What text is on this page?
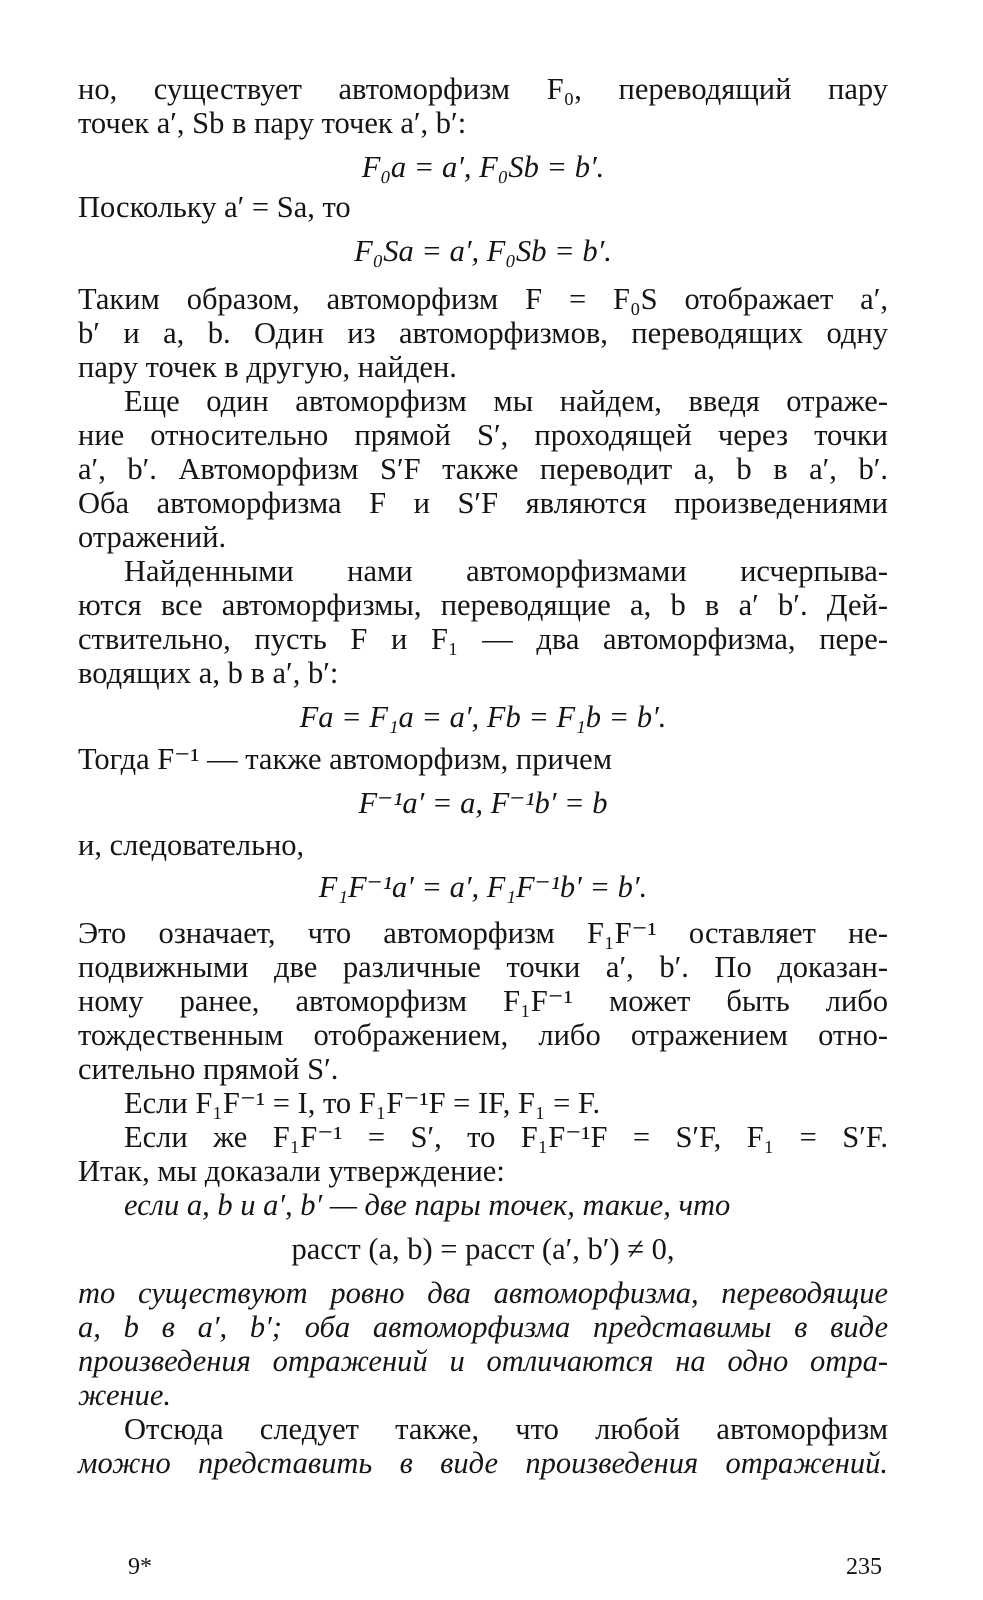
но, существует автоморфизм F₀, переводящий пару
точек a′, Sb в пару точек a′, b′:
F₀a = a′, F₀Sb = b′.
Поскольку a′ = Sa, то
F₀Sa = a′, F₀Sb = b′.
Таким образом, автоморфизм F = F₀S отображает a′,
b′ и a, b. Один из автоморфизмов, переводящих одну
пару точек в другую, найден.
Еще один автоморфизм мы найдем, введя отраже-
ние относительно прямой S′, проходящей через точки
a′, b′. Автоморфизм S′F также переводит a, b в a′, b′.
Оба автоморфизма F и S′F являются произведениями
отражений.
Найденными нами автоморфизмами исчерпыва-
ются все автоморфизмы, переводящие a, b в a′ b′. Дей-
ствительно, пусть F и F₁ — два автоморфизма, пере-
водящих a, b в a′, b′:
Fa = F₁a = a′, Fb = F₁b = b′.
Тогда F⁻¹ — также автоморфизм, причем
F⁻¹a′ = a, F⁻¹b′ = b
и, следовательно,
F₁F⁻¹a′ = a′, F₁F⁻¹b′ = b′.
Это означает, что автоморфизм F₁F⁻¹ оставляет не-
подвижными две различные точки a′, b′. По доказан-
ному ранее, автоморфизм F₁F⁻¹ может быть либо
тождественным отображением, либо отражением отно-
сительно прямой S′.
Если F₁F⁻¹ = I, то F₁F⁻¹F = IF, F₁ = F.
Если же F₁F⁻¹ = S′, то F₁F⁻¹F = S′F, F₁ = S′F.
Итак, мы доказали утверждение:
если a, b и a′, b′ — две пары точек, такие, что
расст (a, b) = расст (a′, b′) ≠ 0,
то существуют ровно два автоморфизма, переводящие
a, b в a′, b′; оба автоморфизма представимы в виде
произведения отражений и отличаются на одно отра-
жение.
Отсюда следует также, что любой автоморфизм
можно представить в виде произведения отражений.
9*	235
